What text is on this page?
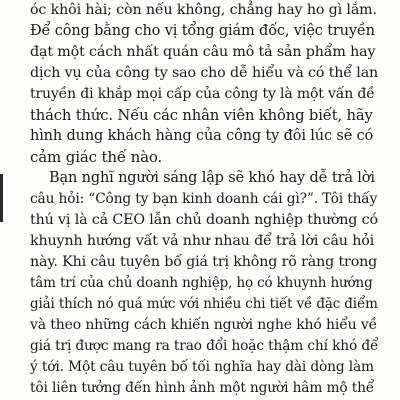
óc khôi hài; còn nếu không, chẳng hay ho gì lắm.
Để công bằng cho vị tổng giám đốc, việc truyền
đạt một cách nhất quán câu mô tả sản phẩm hay
dịch vụ của công ty sao cho dễ hiểu và có thể lan
truyền đi khắp mọi cấp của công ty là một vấn đề
thách thức. Nếu các nhân viên không biết, hãy
hình dung khách hàng của công ty đôi lúc sẽ có
cảm giác thế nào.
Bạn nghĩ người sáng lập sẽ khó hay dễ trả lời
câu hỏi: “Công ty bạn kinh doanh cái gì?”. Tôi thấy
thú vị là cả CEO lẫn chủ doanh nghiệp thường có
khuynh hướng vất vả như nhau để trả lời câu hỏi
này. Khi câu tuyên bố giá trị không rõ ràng trong
tâm trí của chủ doanh nghiệp, họ có khuynh hướng
giải thích nó quá mức với nhiều chi tiết về đặc điểm
và theo những cách khiến người nghe khó hiểu về
giá trị được mang ra trao đổi hoặc thậm chí khó để
ý tới. Một câu tuyên bố tối nghĩa hay dài dòng làm
tôi liên tưởng đến hình ảnh một người hâm mộ thể
